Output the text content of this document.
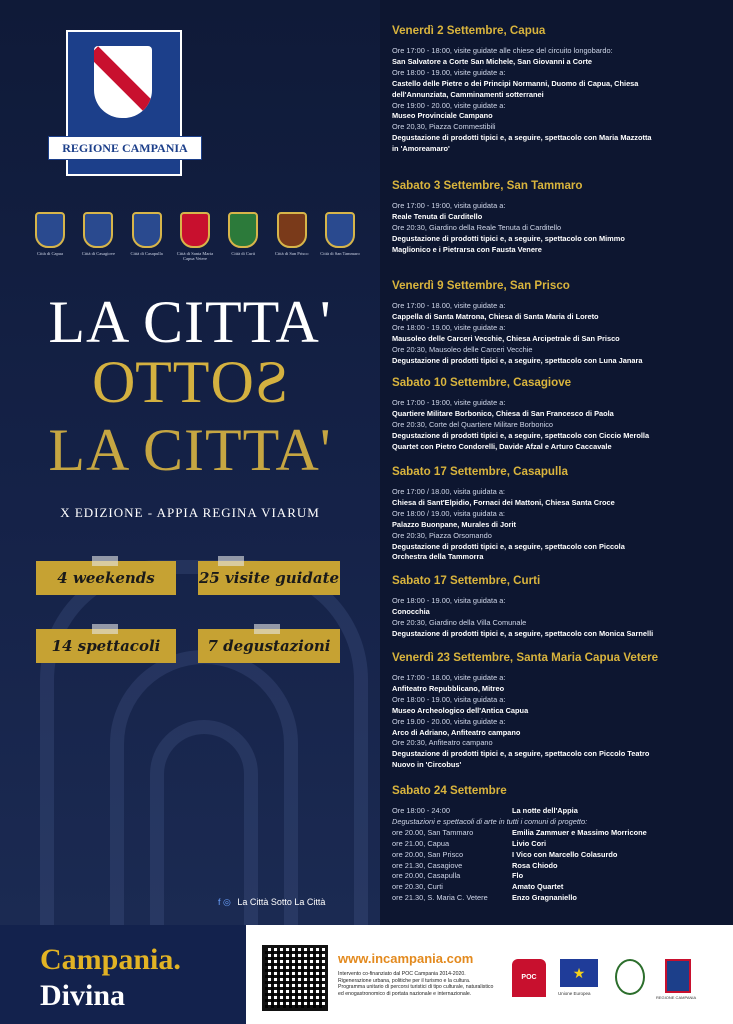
REGIONE CAMPANIA
Città di Capua	Città di Casagiove	Città di Casapulla	Città di Santa Maria Capua Vetere
Città di Curti	Città di San Prisco	Città di San Tammaro
LA CITTA'
SOTTO
LA CITTA'
X EDIZIONE - APPIA REGINA VIARUM
4 weekends	25 visite guidate
14 spettacoli	7 degustazioni
f ◎ La Città Sotto La Città
Venerdì 2 Settembre, Capua
Ore 17:00 - 18:00, visite guidate alle chiese del circuito longobardo:
San Salvatore a Corte San Michele, San Giovanni a Corte
Ore 18:00 - 19.00, visite guidate a:
Castello delle Pietre o dei Principi Normanni, Duomo di Capua, Chiesa
dell'Annunziata, Camminamenti sotterranei
Ore 19:00 - 20.00, visite guidate a:
Museo Provinciale Campano
Ore 20,30, Piazza Commestibili
Degustazione di prodotti tipici e, a seguire, spettacolo con Maria Mazzotta
in 'Amoreamaro'
Sabato 3 Settembre, San Tammaro
Ore 17:00 - 19:00, visita guidata a:
Reale Tenuta di Carditello
Ore 20:30, Giardino della Reale Tenuta di Carditello
Degustazione di prodotti tipici e, a seguire, spettacolo con Mimmo
Maglionico e i Pietrarsa con Fausta Venere
Venerdì 9 Settembre, San Prisco
Ore 17:00 - 18.00, visite guidate a:
Cappella di Santa Matrona, Chiesa di Santa Maria di Loreto
Ore 18:00 - 19.00, visite guidate a:
Mausoleo delle Carceri Vecchie, Chiesa Arcipetrale di San Prisco
Ore 20:30, Mausoleo delle Carceri Vecchie
Degustazione di prodotti tipici e, a seguire, spettacolo con Luna Janara
Sabato 10 Settembre, Casagiove
Ore 17:00 - 19:00, visite guidate a:
Quartiere Militare Borbonico, Chiesa di San Francesco di Paola
Ore 20:30, Corte del Quartiere Militare Borbonico
Degustazione di prodotti tipici e, a seguire, spettacolo con Ciccio Merolla
Quartet con Pietro Condorelli, Davide Afzal e Arturo Caccavale
Sabato 17 Settembre, Casapulla
Ore 17:00 / 18.00, visita guidata a:
Chiesa di Sant'Elpidio, Fornaci dei Mattoni, Chiesa Santa Croce
Ore 18:00 / 19.00, visita guidata a:
Palazzo Buonpane, Murales di Jorit
Ore 20:30, Piazza Orsomando
Degustazione di prodotti tipici e, a seguire, spettacolo con Piccola
Orchestra della Tammorra
Sabato 17 Settembre, Curti
Ore 18:00 - 19.00, visita guidata a:
Conocchia
Ore 20:30, Giardino della Villa Comunale
Degustazione di prodotti tipici e, a seguire, spettacolo con Monica Sarnelli
Venerdì 23 Settembre, Santa Maria Capua Vetere
Ore 17:00 - 18.00, visite guidate a:
Anfiteatro Repubblicano, Mitreo
Ore 18:00 - 19.00, visita guidata a:
Museo Archeologico dell'Antica Capua
Ore 19.00 - 20.00, visita guidate a:
Arco di Adriano, Anfiteatro campano
Ore 20:30, Anfiteatro campano
Degustazione di prodotti tipici e, a seguire, spettacolo con Piccolo Teatro
Nuovo in 'Circobus'
Sabato 24 Settembre
Ore 18:00 - 24:00	La notte dell'Appia
Degustazioni e spettacoli di arte in tutti i comuni di progetto:
ore 20.00, San Tammaro	Emilia Zammuer e Massimo Morricone
ore 21.00, Capua	Livio Cori
ore 20.00, San Prisco	I Vico con Marcello Colasurdo
ore 21.30, Casagiove	Rosa Chiodo
ore 20.00, Casapulla	Flo
ore 20.30, Curti	Amato Quartet
ore 21.30, S. Maria C. Vetere	Enzo Gragnaniello
Campania.
Divina
www.incampania.com
Intervento co-finanziato dal POC Campania 2014-2020. Rigenerazione urbana, politiche per il turismo e la cultura. Programma unitario di percorsi turistici di tipo culturale, naturalistico ed enogastronomico di portata nazionale e internazionale.
POC	★
Unione Europea
REGIONE CAMPANIA
